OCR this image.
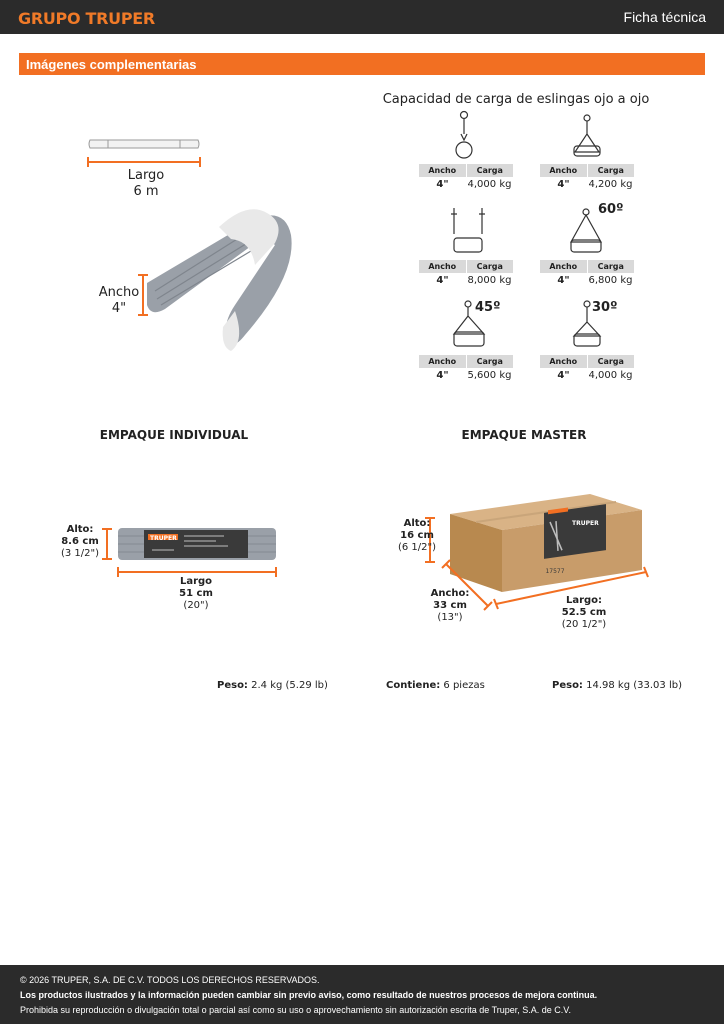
GRUPO TRUPER	Ficha técnica
Imágenes complementarias
Largo
6 m
Ancho
4"
Capacidad de carga de eslingas ojo a ojo
60º
45º	30º
Ancho	Carga
4"	4,000 kg
Ancho	Carga
4"	4,200 kg
Ancho	Carga
4"	8,000 kg
Ancho	Carga
4"	6,800 kg
Ancho	Carga
4"	5,600 kg
Ancho	Carga
4"	4,000 kg
EMPAQUE INDIVIDUAL	EMPAQUE MASTER
TRUPER
Alto:
8.6 cm
(3 1/2")
Largo
51 cm
(20")
TRUPER
17577
Alto:
16 cm
(6 1/2")
Ancho:
33 cm
(13")
Largo:
52.5 cm
(20 1/2")
Peso: 2.4 kg (5.29 lb)	Contiene: 6 piezas	Peso: 14.98 kg (33.03 lb)
© 2026 TRUPER, S.A. DE C.V. TODOS LOS DERECHOS RESERVADOS.
Los productos ilustrados y la información pueden cambiar sin previo aviso, como resultado de nuestros procesos de mejora continua.
Prohibida su reproducción o divulgación total o parcial así como su uso o aprovechamiento sin autorización escrita de Truper, S.A. de C.V.
